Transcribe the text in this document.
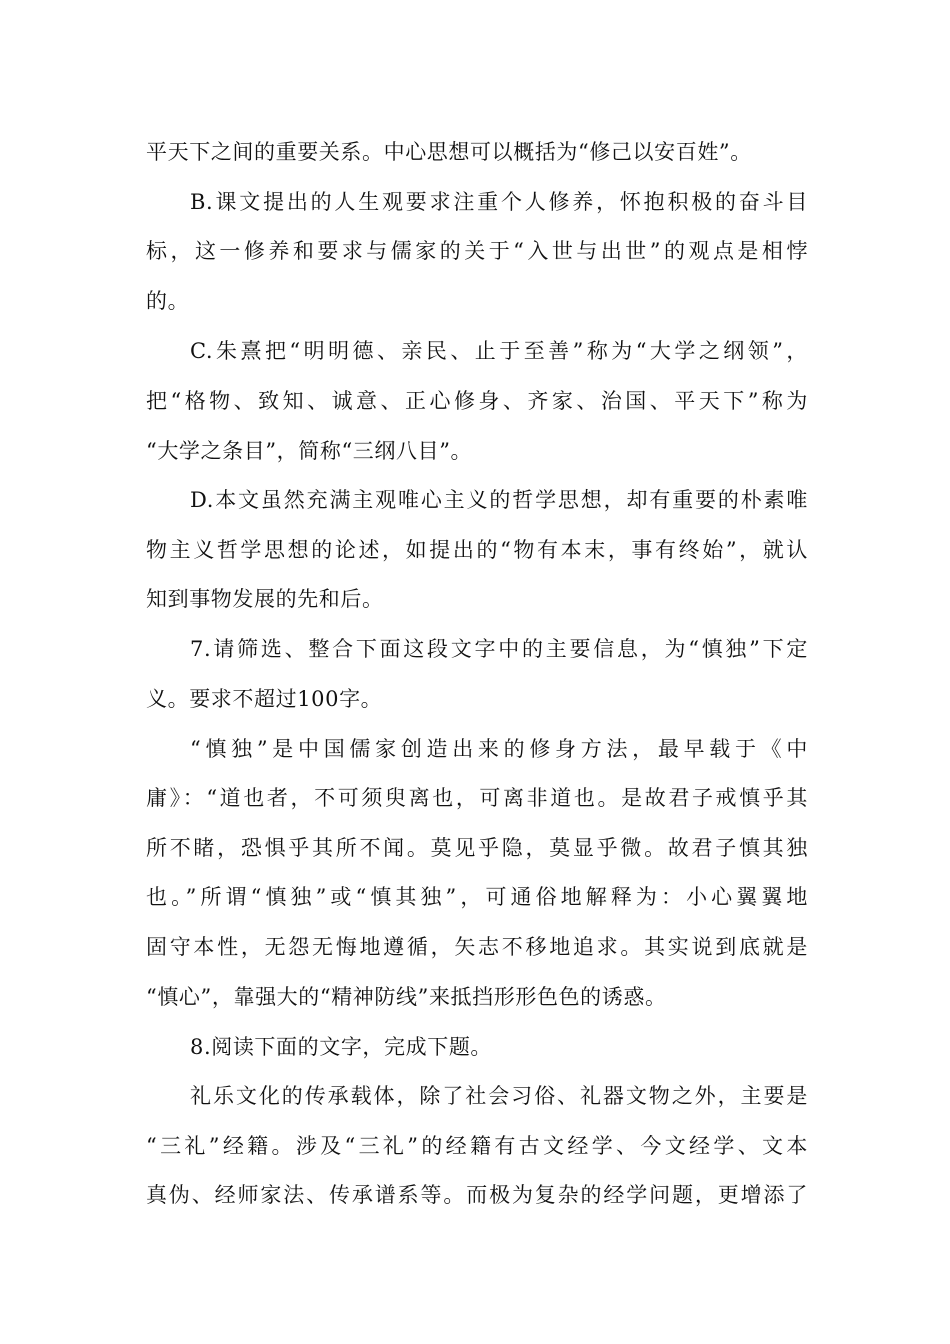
平天下之间的重要关系。中心思想可以概括为“修己以安百姓”。
B.课文提出的人生观要求注重个人修养，怀抱积极的奋斗目
标，这一修养和要求与儒家的关于“入世与出世”的观点是相悖
的。
C.朱熹把“明明德、亲民、止于至善”称为“大学之纲领”，
把“格物、致知、诚意、正心修身、齐家、治国、平天下”称为
“大学之条目”，简称“三纲八目”。
D.本文虽然充满主观唯心主义的哲学思想，却有重要的朴素唯
物主义哲学思想的论述，如提出的“物有本末，事有终始”，就认
知到事物发展的先和后。
7.请筛选、整合下面这段文字中的主要信息，为“慎独”下定
义。要求不超过100字。
“慎独”是中国儒家创造出来的修身方法，最早载于《中
庸》：“道也者，不可须臾离也，可离非道也。是故君子戒慎乎其
所不睹，恐惧乎其所不闻。莫见乎隐，莫显乎微。故君子慎其独
也。”所谓“慎独”或“慎其独”，可通俗地解释为：小心翼翼地
固守本性，无怨无悔地遵循，矢志不移地追求。其实说到底就是
“慎心”，靠强大的“精神防线”来抵挡形形色色的诱惑。
8.阅读下面的文字，完成下题。
礼乐文化的传承载体，除了社会习俗、礼器文物之外，主要是
“三礼”经籍。涉及“三礼”的经籍有古文经学、今文经学、文本
真伪、经师家法、传承谱系等。而极为复杂的经学问题，更增添了
